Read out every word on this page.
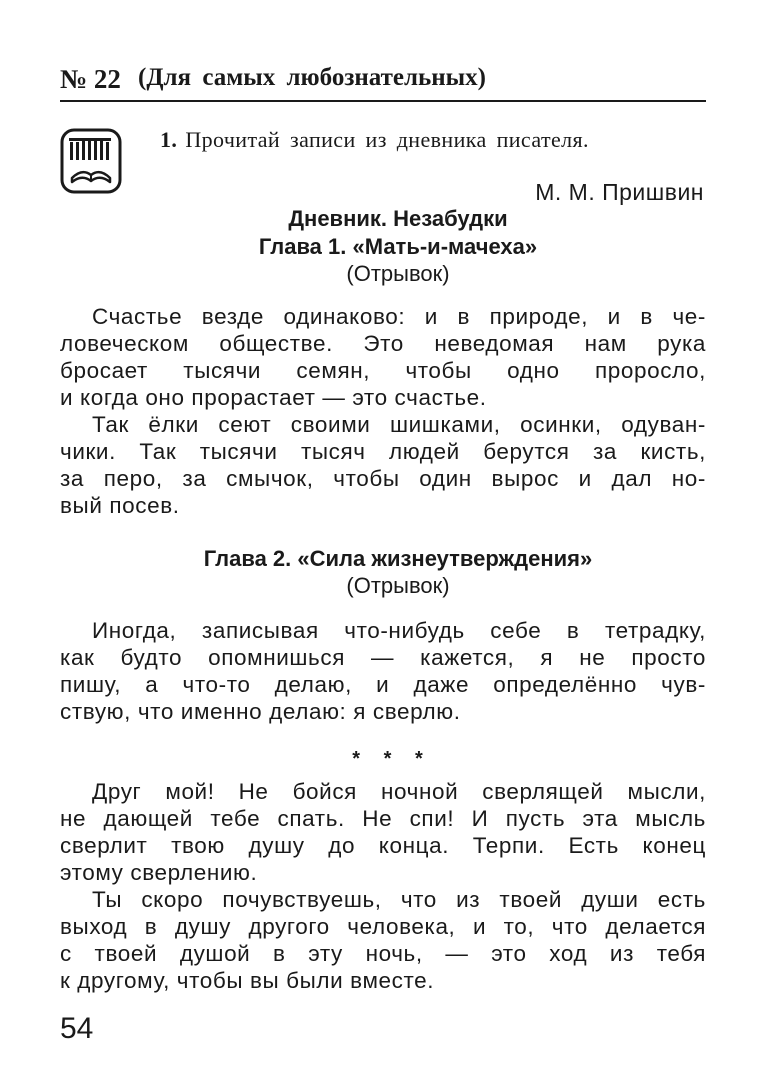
№ 22 (Для самых любознательных)
1. Прочитай записи из дневника писателя.
М. М. Пришвин
Дневник. Незабудки
Глава 1. «Мать-и-мачеха»
(Отрывок)
Счастье везде одинаково: и в природе, и в че-
ловеческом обществе. Это неведомая нам рука
бросает тысячи семян, чтобы одно проросло,
и когда оно прорастает — это счастье.
Так ёлки сеют своими шишками, осинки, одуван-
чики. Так тысячи тысяч людей берутся за кисть,
за перо, за смычок, чтобы один вырос и дал но-
вый посев.
Глава 2. «Сила жизнеутверждения»
(Отрывок)
Иногда, записывая что-нибудь себе в тетрадку,
как будто опомнишься — кажется, я не просто
пишу, а что-то делаю, и даже определённо чув-
ствую, что именно делаю: я сверлю.
* * *
Друг мой! Не бойся ночной сверлящей мысли,
не дающей тебе спать. Не спи! И пусть эта мысль
сверлит твою душу до конца. Терпи. Есть конец
этому сверлению.
Ты скоро почувствуешь, что из твоей души есть
выход в душу другого человека, и то, что делается
с твоей душой в эту ночь, — это ход из тебя
к другому, чтобы вы были вместе.
54
